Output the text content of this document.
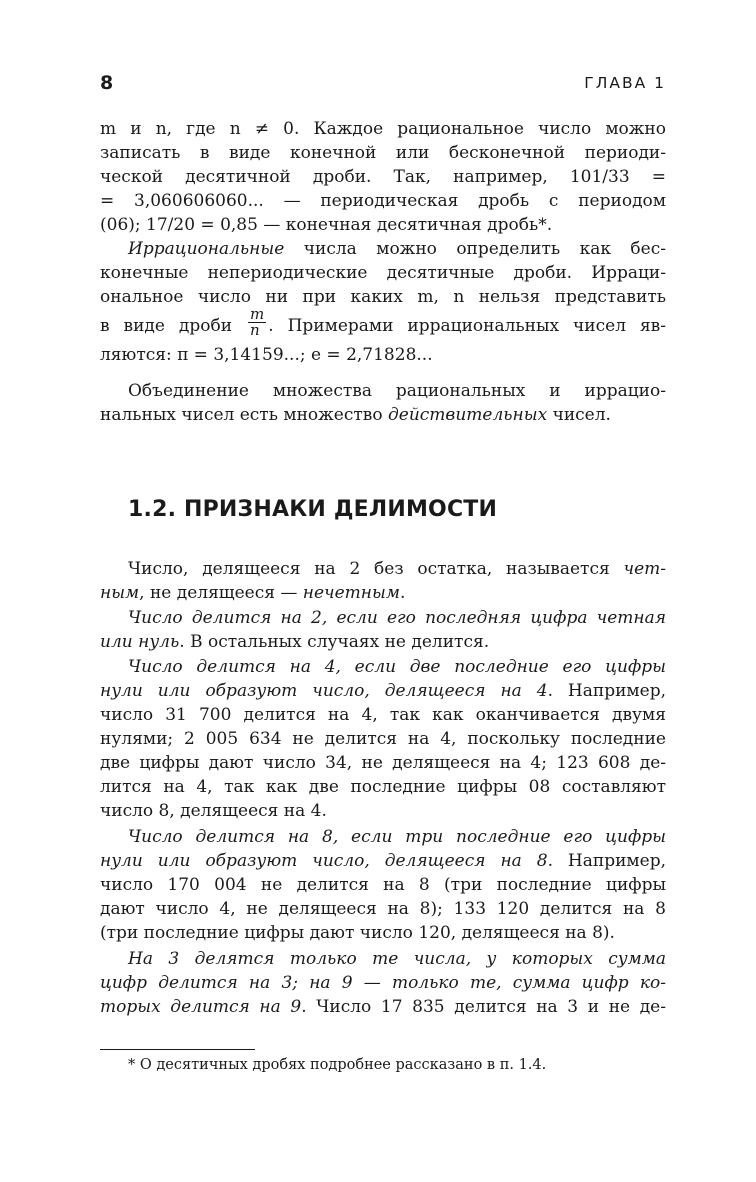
8	ГЛАВА 1
m и n, где n ≠ 0. Каждое рациональное число можно
записать в виде конечной или бесконечной периоди-
ческой десятичной дроби. Так, например, 101/33 =
= 3,060606060... — периодическая дробь с периодом
(06); 17/20 = 0,85 — конечная десятичная дробь*.
Иррациональные числа можно определить как бес-
конечные непериодические десятичные дроби. Ирраци-
ональное число ни при каких m, n нельзя представить
в виде дроби $\frac{m}{n}$ . Примерами иррациональных чисел яв-
ляются: π = 3,14159...; e = 2,71828...
Объединение множества рациональных и иррацио-
нальных чисел есть множество действительных чисел.
1.2. ПРИЗНАКИ ДЕЛИМОСТИ
Число, делящееся на 2 без остатка, называется чет-
ным, не делящееся — нечетным.
Число делится на 2, если его последняя цифра четная
или нуль. В остальных случаях не делится.
Число делится на 4, если две последние его цифры
нули или образуют число, делящееся на 4. Например,
число 31 700 делится на 4, так как оканчивается двумя
нулями; 2 005 634 не делится на 4, поскольку последние
две цифры дают число 34, не делящееся на 4; 123 608 де-
лится на 4, так как две последние цифры 08 составляют
число 8, делящееся на 4.
Число делится на 8, если три последние его цифры
нули или образуют число, делящееся на 8. Например,
число 170 004 не делится на 8 (три последние цифры
дают число 4, не делящееся на 8); 133 120 делится на 8
(три последние цифры дают число 120, делящееся на 8).
На 3 делятся только те числа, у которых сумма
цифр делится на 3; на 9 — только те, сумма цифр ко-
торых делится на 9. Число 17 835 делится на 3 и не де-
* О десятичных дробях подробнее рассказано в п. 1.4.
